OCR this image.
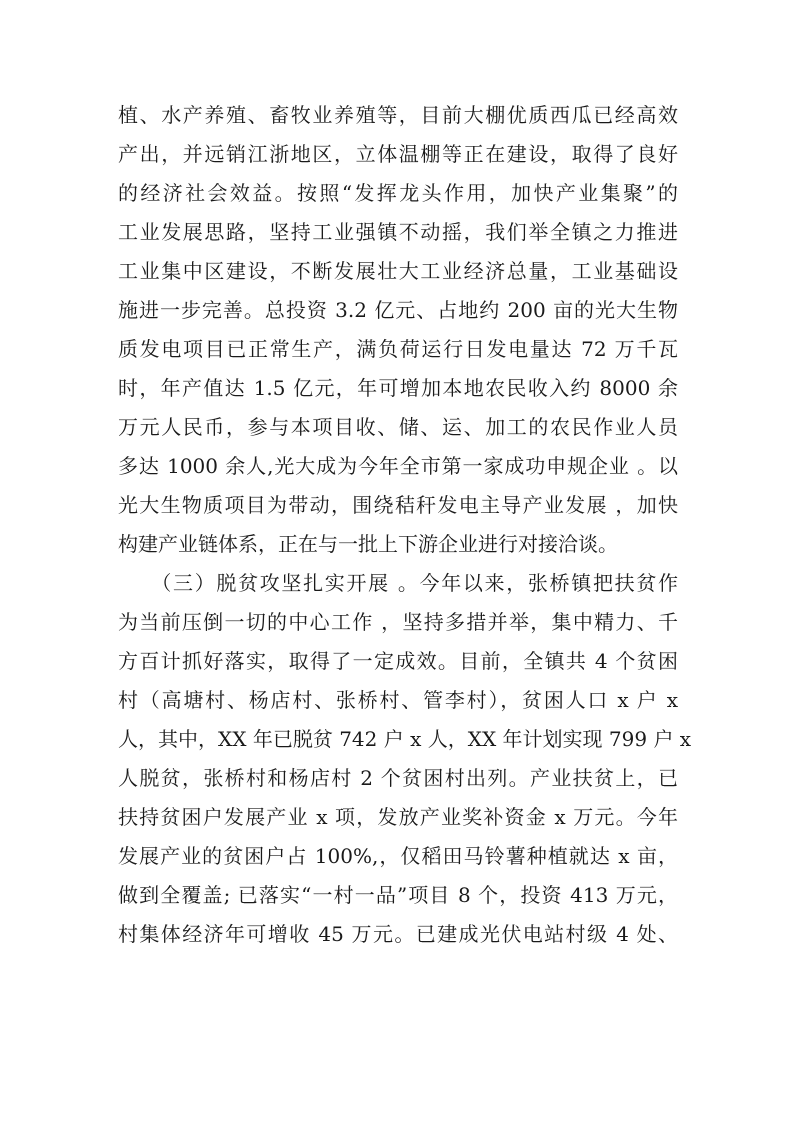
植、水产养殖、畜牧业养殖等，目前大棚优质西瓜已经高效
产出，并远销江浙地区，立体温棚等正在建设，取得了良好
的经济社会效益。按照“发挥龙头作用，加快产业集聚”的
工业发展思路，坚持工业强镇不动摇，我们举全镇之力推进
工业集中区建设，不断发展壮大工业经济总量，工业基础设
施进一步完善。总投资 3.2 亿元、占地约 200 亩的光大生物
质发电项目已正常生产，满负荷运行日发电量达 72 万千瓦
时，年产值达 1.5 亿元，年可增加本地农民收入约 8000 余
万元人民币，参与本项目收、储、运、加工的农民作业人员
多达 1000 余人,光大成为今年全市第一家成功申规企业 。以
光大生物质项目为带动，围绕秸秆发电主导产业发展 ，加快
构建产业链体系，正在与一批上下游企业进行对接洽谈。
　　（三）脱贫攻坚扎实开展 。今年以来，张桥镇把扶贫作
为当前压倒一切的中心工作 ，坚持多措并举，集中精力、千
方百计抓好落实，取得了一定成效。目前，全镇共 4 个贫困
村（高塘村、杨店村、张桥村、管李村），贫困人口 x 户 x
人，其中，XX 年已脱贫 742 户 x 人，XX 年计划实现 799 户 x
人脱贫，张桥村和杨店村 2 个贫困村出列。产业扶贫上，已
扶持贫困户发展产业 x 项，发放产业奖补资金 x 万元。今年
发展产业的贫困户占 100%,，仅稻田马铃薯种植就达 x 亩，
做到全覆盖; 已落实“一村一品”项目 8 个，投资 413 万元，
村集体经济年可增收 45 万元。已建成光伏电站村级 4 处、
